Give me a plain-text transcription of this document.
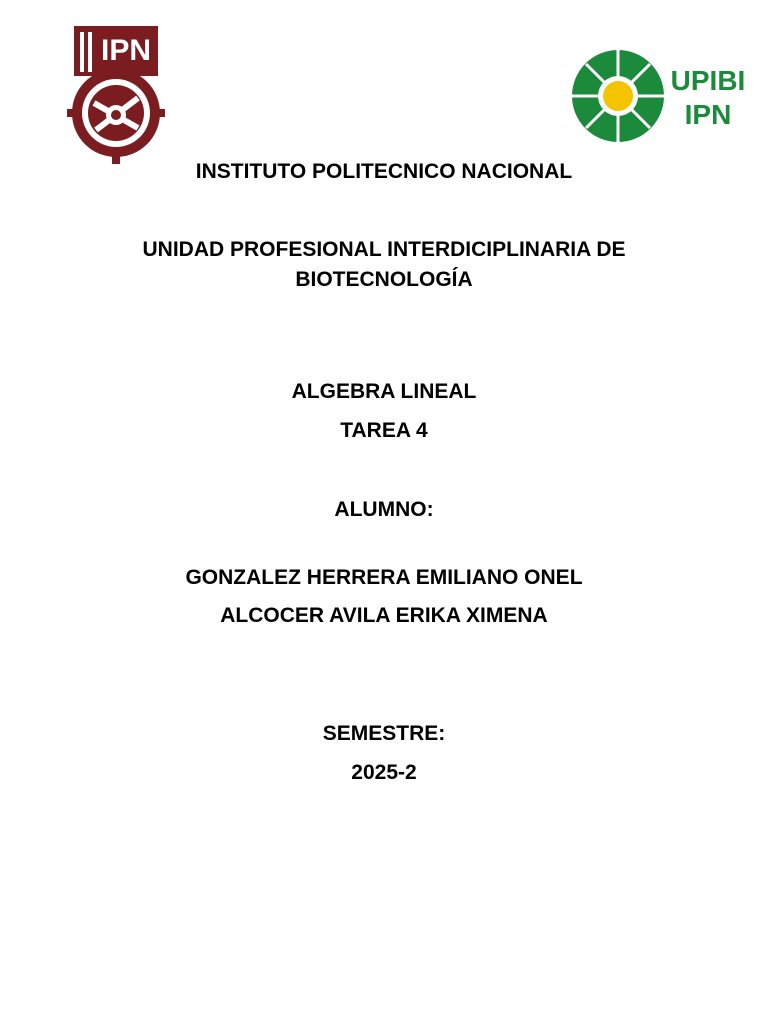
IPN
UPIBI
IPN

INSTITUTO POLITECNICO NACIONAL

UNIDAD PROFESIONAL INTERDICIPLINARIA DE

BIOTECNOLOGÍA

ALGEBRA LINEAL

TAREA 4

ALUMNO:

GONZALEZ HERRERA EMILIANO ONEL

ALCOCER AVILA ERIKA XIMENA

SEMESTRE:

2025-2
